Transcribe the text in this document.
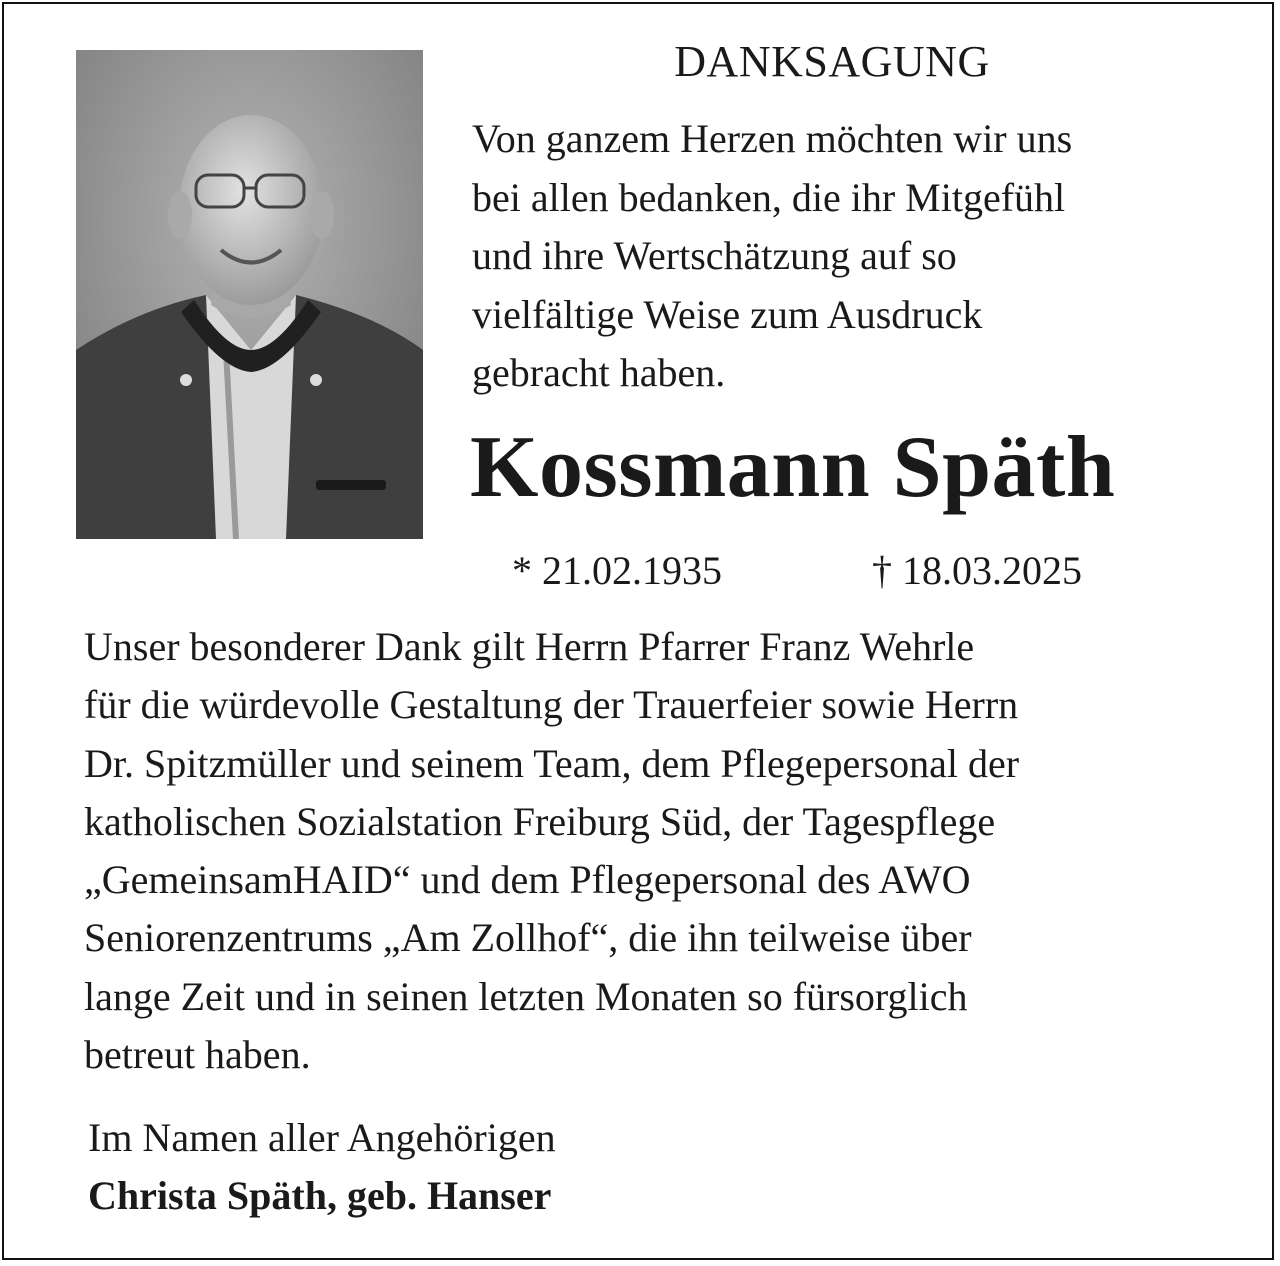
DANKSAGUNG
Von ganzem Herzen möchten wir uns
bei allen bedanken, die ihr Mitgefühl
und ihre Wertschätzung auf so
vielfältige Weise zum Ausdruck
gebracht haben.
Kossmann Späth
* 21.02.1935	† 18.03.2025
Unser besonderer Dank gilt Herrn Pfarrer Franz Wehrle
für die würdevolle Gestaltung der Trauerfeier sowie Herrn
Dr. Spitzmüller und seinem Team, dem Pflegepersonal der
katholischen Sozialstation Freiburg Süd, der Tagespflege
„GemeinsamHAID“ und dem Pflegepersonal des AWO
Seniorenzentrums „Am Zollhof“, die ihn teilweise über
lange Zeit und in seinen letzten Monaten so fürsorglich
betreut haben.
Im Namen aller Angehörigen
Christa Späth, geb. Hanser
